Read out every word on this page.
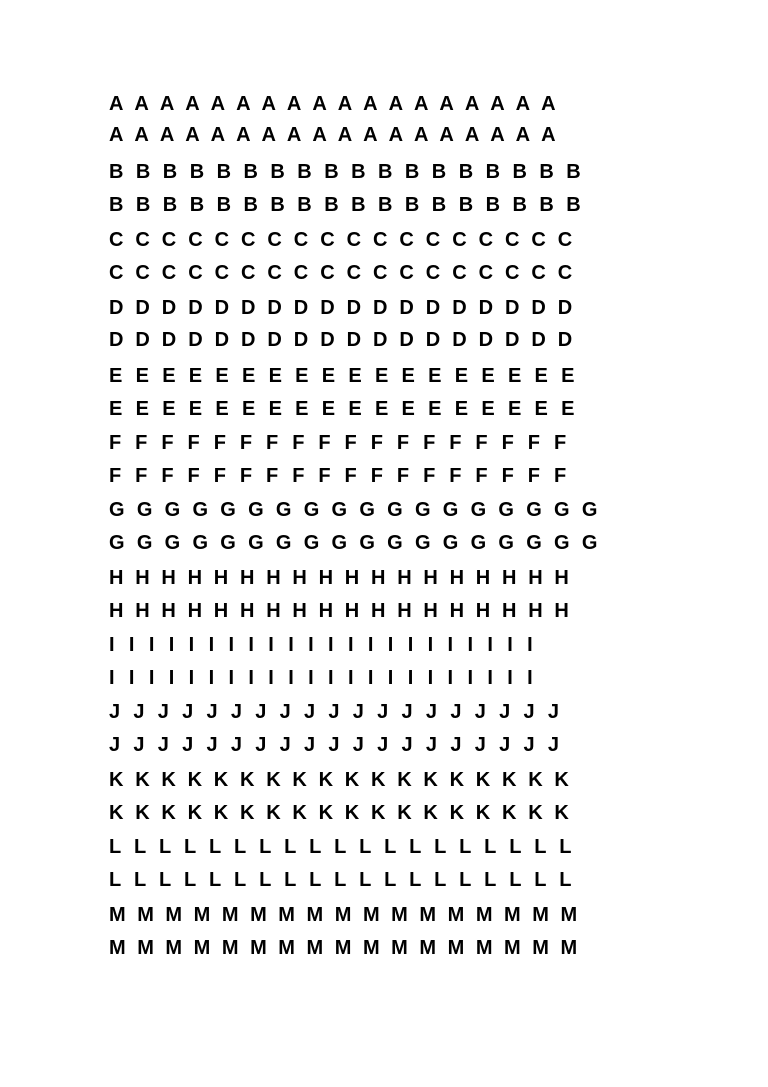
A A A A A A A A A A A A A A A A A A

A A A A A A A A A A A A A A A A A A

B B B B B B B B B B B B B B B B B B

B B B B B B B B B B B B B B B B B B

C C C C C C C C C C C C C C C C C C

C C C C C C C C C C C C C C C C C C

D D D D D D D D D D D D D D D D D D

D D D D D D D D D D D D D D D D D D

E E E E E E E E E E E E E E E E E E

E E E E E E E E E E E E E E E E E E

F F F F F F F F F F F F F F F F F F

F F F F F F F F F F F F F F F F F F

G G G G G G G G G G G G G G G G G G

G G G G G G G G G G G G G G G G G G

H H H H H H H H H H H H H H H H H H

H H H H H H H H H H H H H H H H H H

I I I I I I I I I I I I I I I I I I I I I I

I I I I I I I I I I I I I I I I I I I I I I

J J J J J J J J J J J J J J J J J J J

J J J J J J J J J J J J J J J J J J J

K K K K K K K K K K K K K K K K K K

K K K K K K K K K K K K K K K K K K

L L L L L L L L L L L L L L L L L L L

L L L L L L L L L L L L L L L L L L L

M M M M M M M M M M M M M M M M M

M M M M M M M M M M M M M M M M M
